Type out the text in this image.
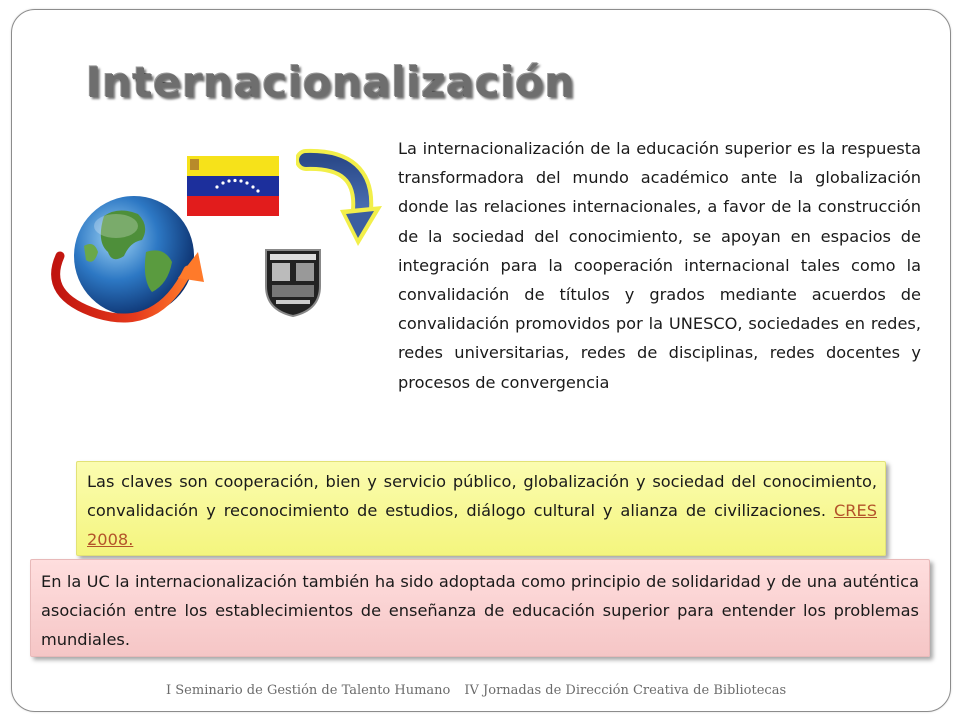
Internacionalización

La internacionalización de la educación superior es la respuesta transformadora del mundo académico ante la globalización donde las relaciones internacionales, a favor de la construcción de la sociedad del conocimiento, se apoyan en espacios de integración para la cooperación internacional tales como la convalidación de títulos y grados mediante acuerdos de convalidación promovidos por la UNESCO, sociedades en redes, redes universitarias, redes de disciplinas, redes docentes y procesos de convergencia

Las claves son cooperación, bien y servicio público, globalización y sociedad del conocimiento, convalidación y reconocimiento de estudios, diálogo cultural y alianza de civilizaciones. CRES 2008.

En la UC la internacionalización también ha sido adoptada como principio de solidaridad y de una auténtica asociación entre los establecimientos de enseñanza de educación superior para entender los problemas mundiales.

I Seminario de Gestión de Talento Humano IV Jornadas de Dirección Creativa de Bibliotecas
